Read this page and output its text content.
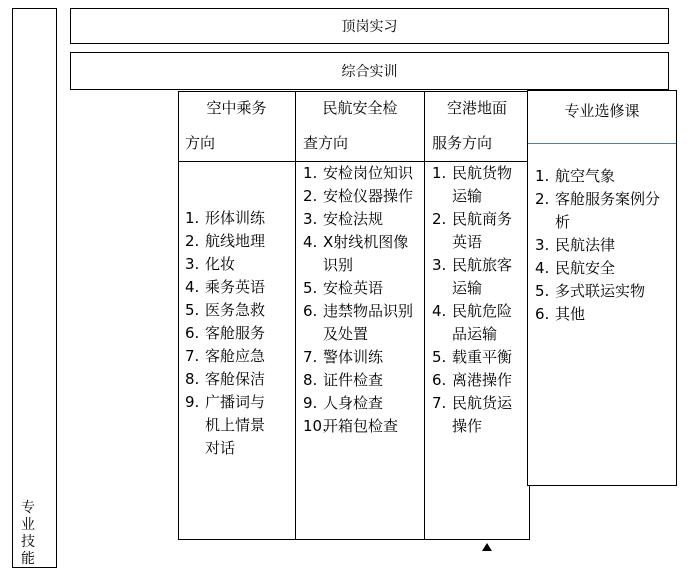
专业技能
顶岗实习
综合实训
空中乘务
方向
1. 形体训练
2. 航线地理
3. 化妆
4. 乘务英语
5. 医务急救
6. 客舱服务
7. 客舱应急
8. 客舱保洁
9. 广播词与机上情景对话
民航安全检
查方向
1. 安检岗位知识
2. 安检仪器操作
3. 安检法规
4. X射线机图像识别
5. 安检英语
6. 违禁物品识别及处置
7. 警体训练
8. 证件检查
9. 人身检查
10.
开箱包检查
空港地面
服务方向
1. 民航货物运输
2. 民航商务英语
3. 民航旅客运输
4. 民航危险品运输
5. 载重平衡
6. 离港操作
7. 民航货运操作
专业选修课
1. 航空气象
2. 客舱服务案例分析
3. 民航法律
4. 民航安全
5. 多式联运实物
6. 其他
